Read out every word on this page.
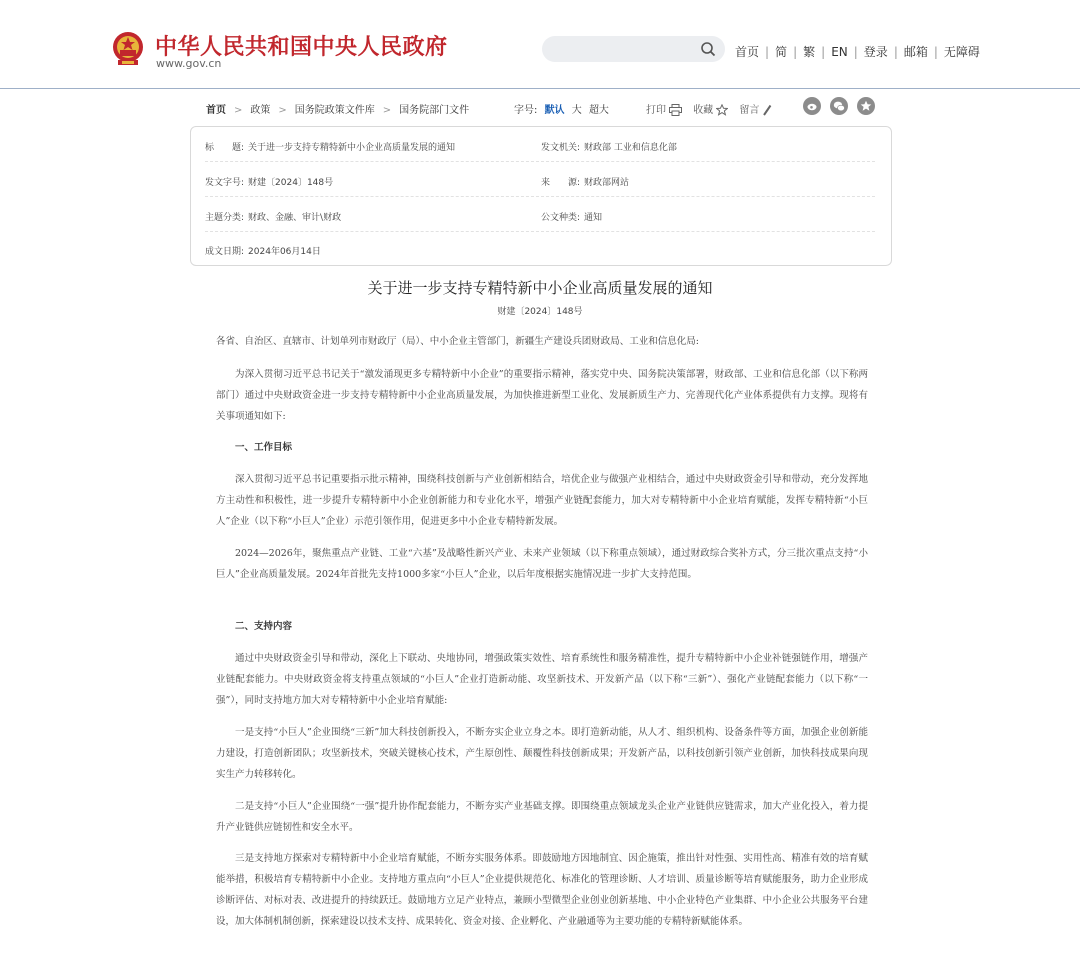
中华人民共和国中央人民政府
www.gov.cn
首页 | 简 | 繁 | EN | 登录 | 邮箱 | 无障碍
首页 > 政策 > 国务院政策文件库 > 国务院部门文件	字号: 默认 大 超大	打印	收藏	留言
标　　题: 关于进一步支持专精特新中小企业高质量发展的通知	发文机关: 财政部 工业和信息化部
发文字号: 财建〔2024〕148号	来　　源: 财政部网站
主题分类: 财政、金融、审计\财政	公文种类: 通知
成文日期: 2024年06月14日
关于进一步支持专精特新中小企业高质量发展的通知
财建〔2024〕148号
各省、自治区、直辖市、计划单列市财政厅（局）、中小企业主管部门，新疆生产建设兵团财政局、工业和信息化局:
为深入贯彻习近平总书记关于“激发涌现更多专精特新中小企业”的重要指示精神，落实党中央、国务院决策部署，财政部、工业和信息化部（以下称两部门）通过中央财政资金进一步支持专精特新中小企业高质量发展，为加快推进新型工业化、发展新质生产力、完善现代化产业体系提供有力支撑。现将有关事项通知如下:
一、工作目标
深入贯彻习近平总书记重要指示批示精神，围绕科技创新与产业创新相结合，培优企业与做强产业相结合，通过中央财政资金引导和带动，充分发挥地方主动性和积极性，进一步提升专精特新中小企业创新能力和专业化水平，增强产业链配套能力，加大对专精特新中小企业培育赋能，发挥专精特新“小巨人”企业（以下称“小巨人”企业）示范引领作用，促进更多中小企业专精特新发展。
2024—2026年，聚焦重点产业链、工业“六基”及战略性新兴产业、未来产业领域（以下称重点领域），通过财政综合奖补方式，分三批次重点支持“小巨人”企业高质量发展。2024年首批先支持1000多家“小巨人”企业，以后年度根据实施情况进一步扩大支持范围。
二、支持内容
通过中央财政资金引导和带动，深化上下联动、央地协同，增强政策实效性、培育系统性和服务精准性，提升专精特新中小企业补链强链作用，增强产业链配套能力。中央财政资金将支持重点领域的“小巨人”企业打造新动能、攻坚新技术、开发新产品（以下称“三新”）、强化产业链配套能力（以下称“一强”），同时支持地方加大对专精特新中小企业培育赋能:
一是支持“小巨人”企业围绕“三新”加大科技创新投入，不断夯实企业立身之本。即打造新动能，从人才、组织机构、设备条件等方面，加强企业创新能力建设，打造创新团队；攻坚新技术，突破关键核心技术，产生原创性、颠覆性科技创新成果；开发新产品，以科技创新引领产业创新，加快科技成果向现实生产力转移转化。
二是支持“小巨人”企业围绕“一强”提升协作配套能力，不断夯实产业基础支撑。即围绕重点领域龙头企业产业链供应链需求，加大产业化投入，着力提升产业链供应链韧性和安全水平。
三是支持地方探索对专精特新中小企业培育赋能，不断夯实服务体系。即鼓励地方因地制宜、因企施策，推出针对性强、实用性高、精准有效的培育赋能举措，积极培育专精特新中小企业。支持地方重点向“小巨人”企业提供规范化、标准化的管理诊断、人才培训、质量诊断等培育赋能服务，助力企业形成诊断评估、对标对表、改进提升的持续跃迁。鼓励地方立足产业特点，兼顾小型微型企业创业创新基地、中小企业特色产业集群、中小企业公共服务平台建设，加大体制机制创新，探索建设以技术支持、成果转化、资金对接、企业孵化、产业融通等为主要功能的专精特新赋能体系。
